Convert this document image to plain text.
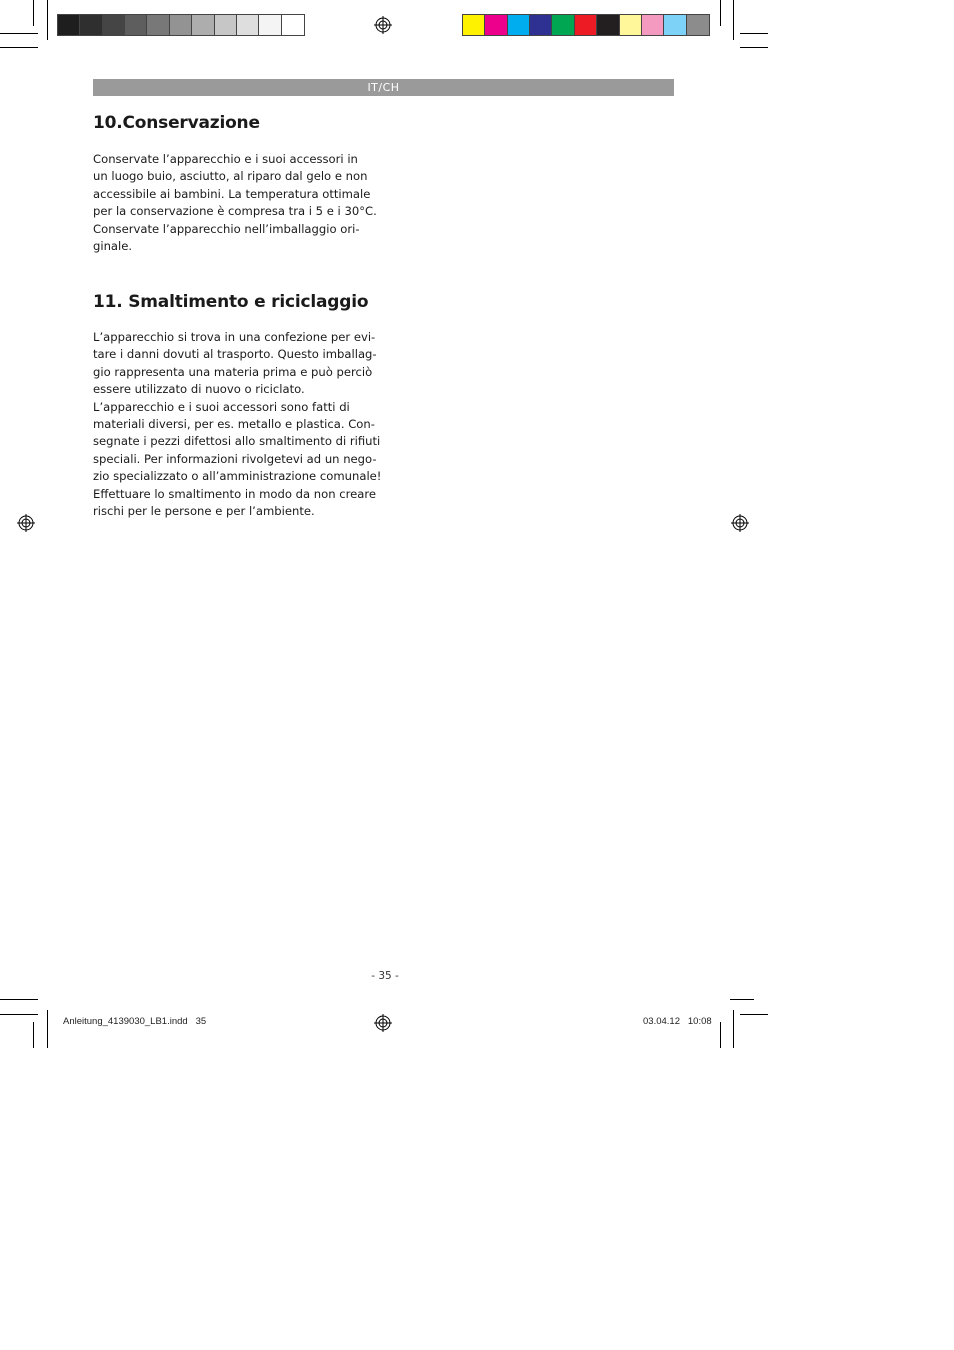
IT/CH
10.Conservazione
Conservate l’apparecchio e i suoi accessori in
un luogo buio, asciutto, al riparo dal gelo e non
accessibile ai bambini. La temperatura ottimale
per la conservazione è compresa tra i 5 e i 30°C.
Conservate l’apparecchio nell’imballaggio ori-
ginale.
11. Smaltimento e riciclaggio
L’apparecchio si trova in una confezione per evi-
tare i danni dovuti al trasporto. Questo imballag-
gio rappresenta una materia prima e può perciò
essere utilizzato di nuovo o riciclato.
L’apparecchio e i suoi accessori sono fatti di
materiali diversi, per es. metallo e plastica. Con-
segnate i pezzi difettosi allo smaltimento di rifiuti
speciali. Per informazioni rivolgetevi ad un nego-
zio specializzato o all’amministrazione comunale!
Effettuare lo smaltimento in modo da non creare
rischi per le persone e per l’ambiente.
- 35 -
Anleitung_4139030_LB1.indd   35	03.04.12   10:08
